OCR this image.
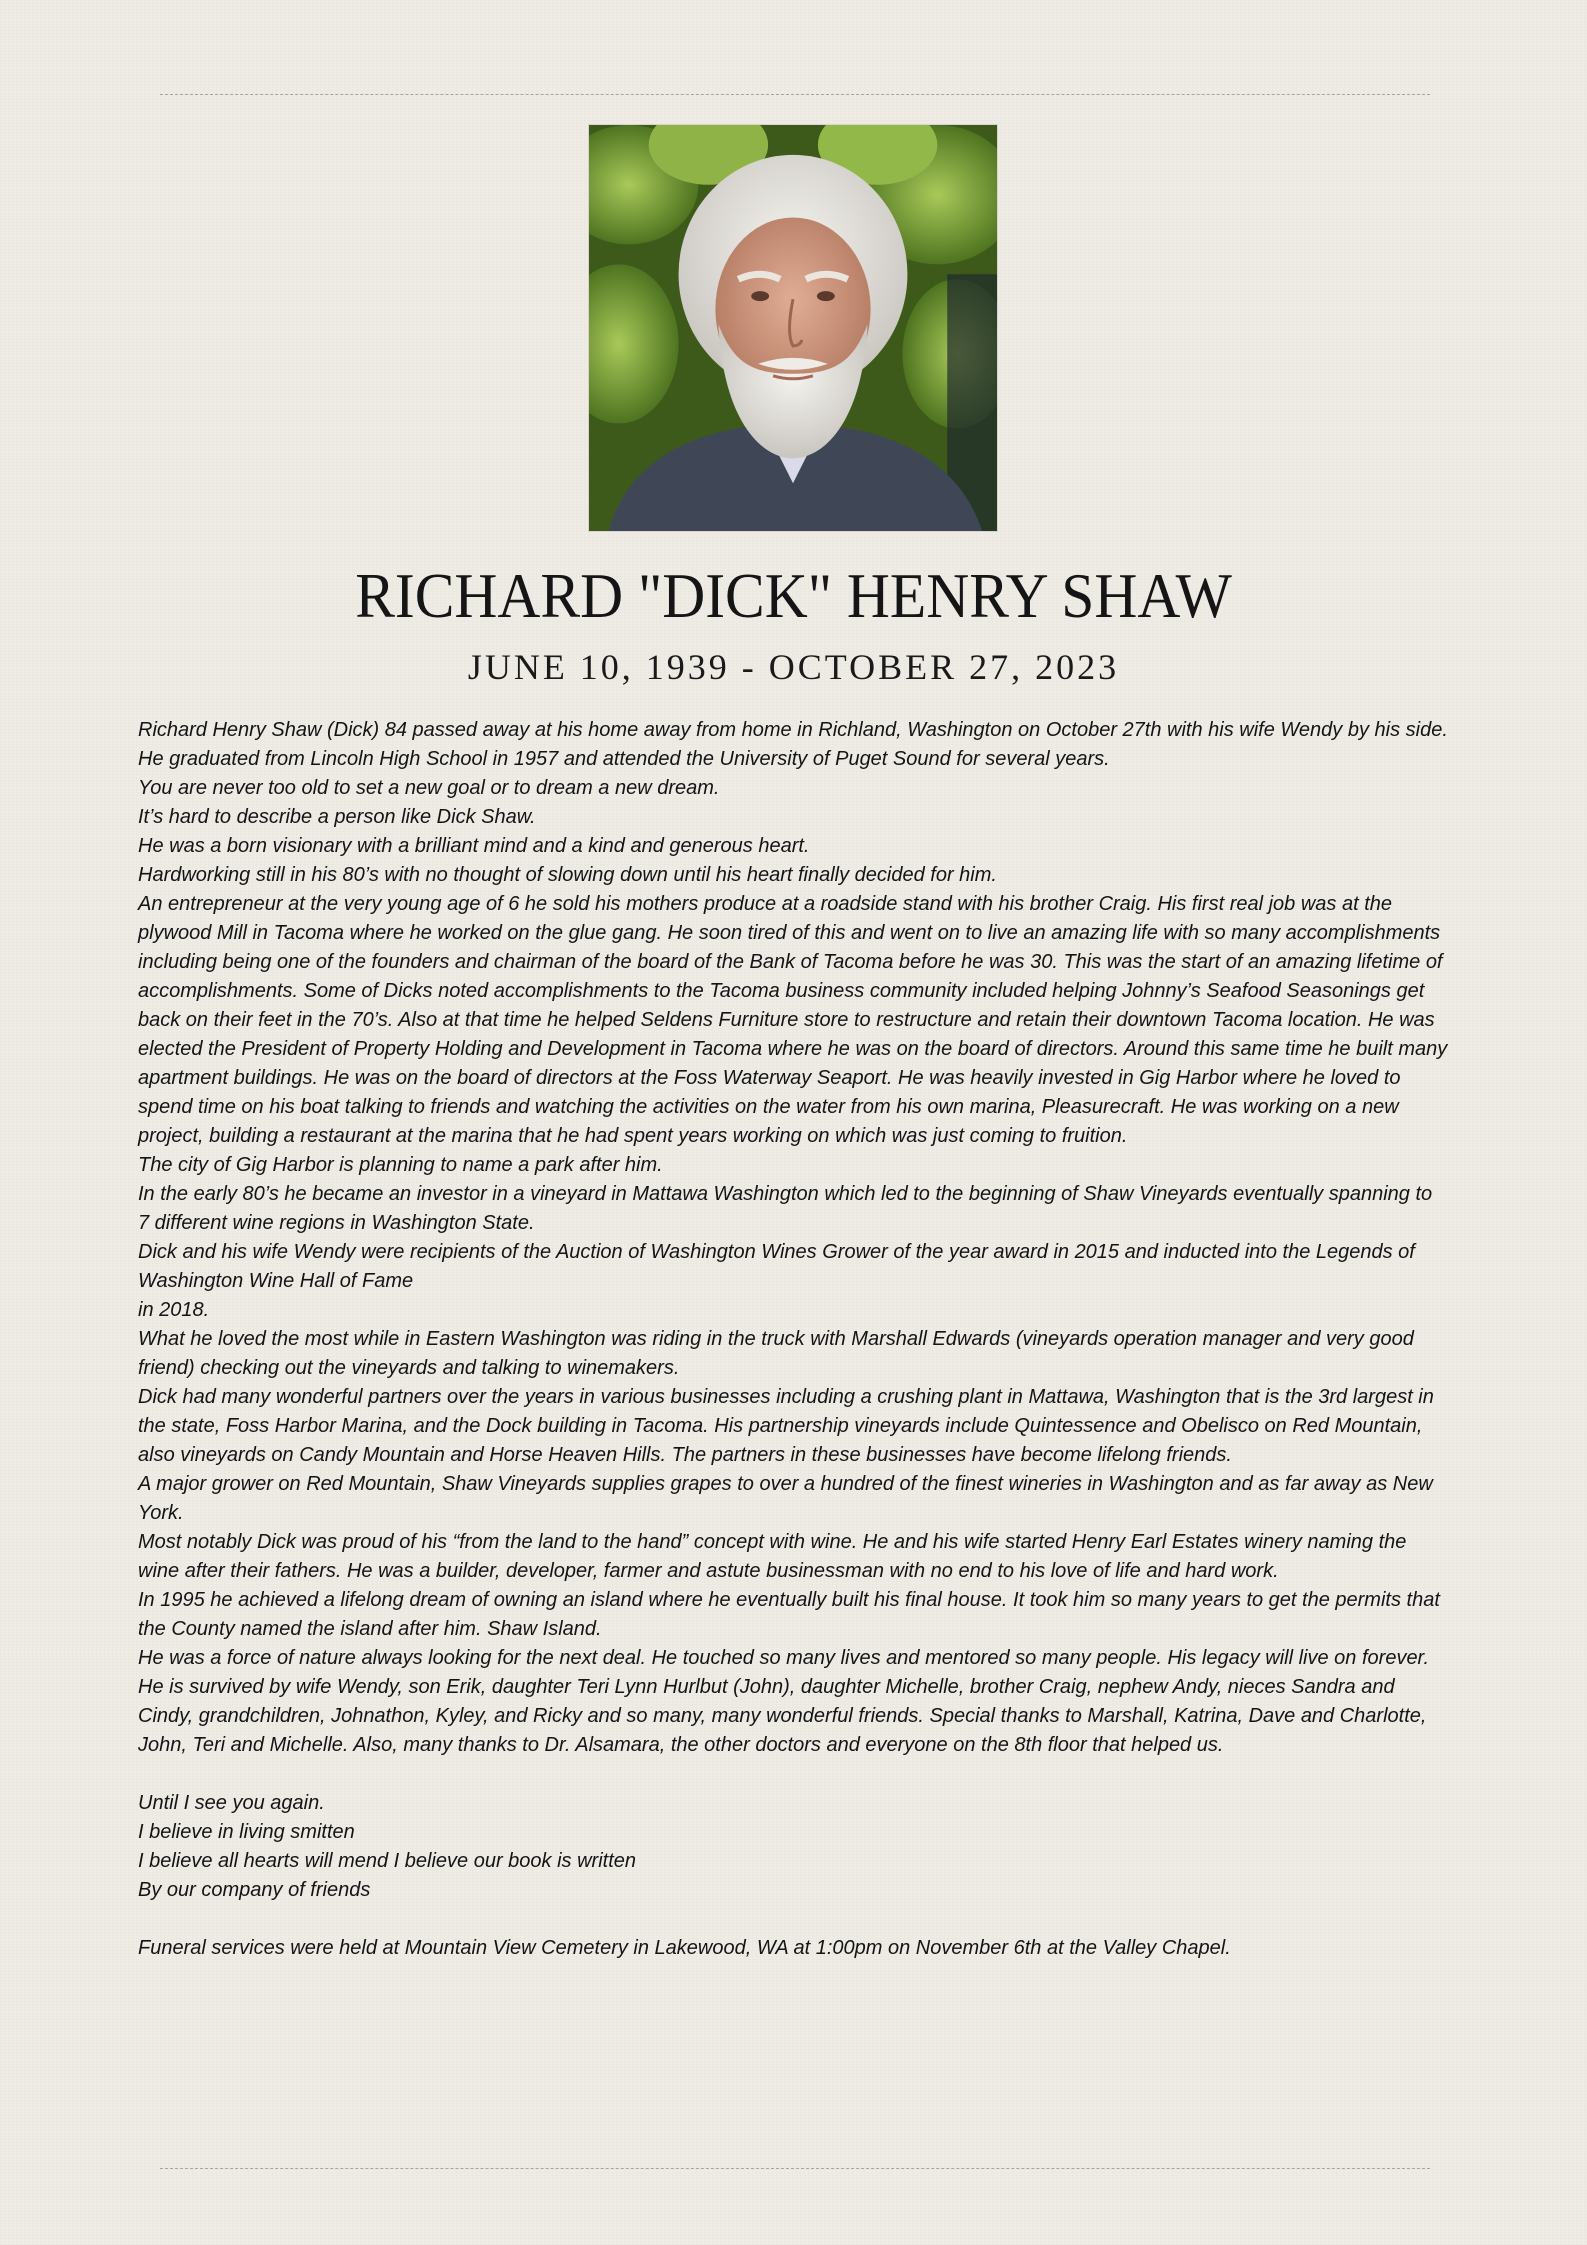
RICHARD "DICK" HENRY SHAW
JUNE 10, 1939 - OCTOBER 27, 2023

Richard Henry Shaw (Dick) 84 passed away at his home away from home in Richland, Washington on October 27th with his wife Wendy by his side.

He graduated from Lincoln High School in 1957 and attended the University of Puget Sound for several years.

You are never too old to set a new goal or to dream a new dream.

It’s hard to describe a person like Dick Shaw.

He was a born visionary with a brilliant mind and a kind and generous heart.

Hardworking still in his 80’s with no thought of slowing down until his heart finally decided for him.

An entrepreneur at the very young age of 6 he sold his mothers produce at a roadside stand with his brother Craig. His first real job was at the plywood Mill in Tacoma where he worked on the glue gang. He soon tired of this and went on to live an amazing life with so many accomplishments including being one of the founders and chairman of the board of the Bank of Tacoma before he was 30. This was the start of an amazing lifetime of accomplishments. Some of Dicks noted accomplishments to the Tacoma business community included helping Johnny’s Seafood Seasonings get back on their feet in the 70’s. Also at that time he helped Seldens Furniture store to restructure and retain their downtown Tacoma location. He was elected the President of Property Holding and Development in Tacoma where he was on the board of directors. Around this same time he built many apartment buildings. He was on the board of directors at the Foss Waterway Seaport. He was heavily invested in Gig Harbor where he loved to spend time on his boat talking to friends and watching the activities on the water from his own marina, Pleasurecraft. He was working on a new project, building a restaurant at the marina that he had spent years working on which was just coming to fruition.

The city of Gig Harbor is planning to name a park after him.

In the early 80’s he became an investor in a vineyard in Mattawa Washington which led to the beginning of Shaw Vineyards eventually spanning to 7 different wine regions in Washington State.

Dick and his wife Wendy were recipients of the Auction of Washington Wines Grower of the year award in 2015 and inducted into the Legends of Washington Wine Hall of Fame

in 2018.

What he loved the most while in Eastern Washington was riding in the truck with Marshall Edwards (vineyards operation manager and very good friend) checking out the vineyards and talking to winemakers.

Dick had many wonderful partners over the years in various businesses including a crushing plant in Mattawa, Washington that is the 3rd largest in the state, Foss Harbor Marina, and the Dock building in Tacoma. His partnership vineyards include Quintessence and Obelisco on Red Mountain, also vineyards on Candy Mountain and Horse Heaven Hills. The partners in these businesses have become lifelong friends.

A major grower on Red Mountain, Shaw Vineyards supplies grapes to over a hundred of the finest wineries in Washington and as far away as New York.

Most notably Dick was proud of his “from the land to the hand” concept with wine. He and his wife started Henry Earl Estates winery naming the wine after their fathers. He was a builder, developer, farmer and astute businessman with no end to his love of life and hard work.

In 1995 he achieved a lifelong dream of owning an island where he eventually built his final house. It took him so many years to get the permits that the County named the island after him. Shaw Island.

He was a force of nature always looking for the next deal. He touched so many lives and mentored so many people. His legacy will live on forever.

He is survived by wife Wendy, son Erik, daughter Teri Lynn Hurlbut (John), daughter Michelle, brother Craig, nephew Andy, nieces Sandra and Cindy, grandchildren, Johnathon, Kyley, and Ricky and so many, many wonderful friends. Special thanks to Marshall, Katrina, Dave and Charlotte, John, Teri and Michelle. Also, many thanks to Dr. Alsamara, the other doctors and everyone on the 8th floor that helped us.

Until I see you again.

I believe in living smitten

I believe all hearts will mend I believe our book is written

By our company of friends

Funeral services were held at Mountain View Cemetery in Lakewood, WA at 1:00pm on November 6th at the Valley Chapel.
